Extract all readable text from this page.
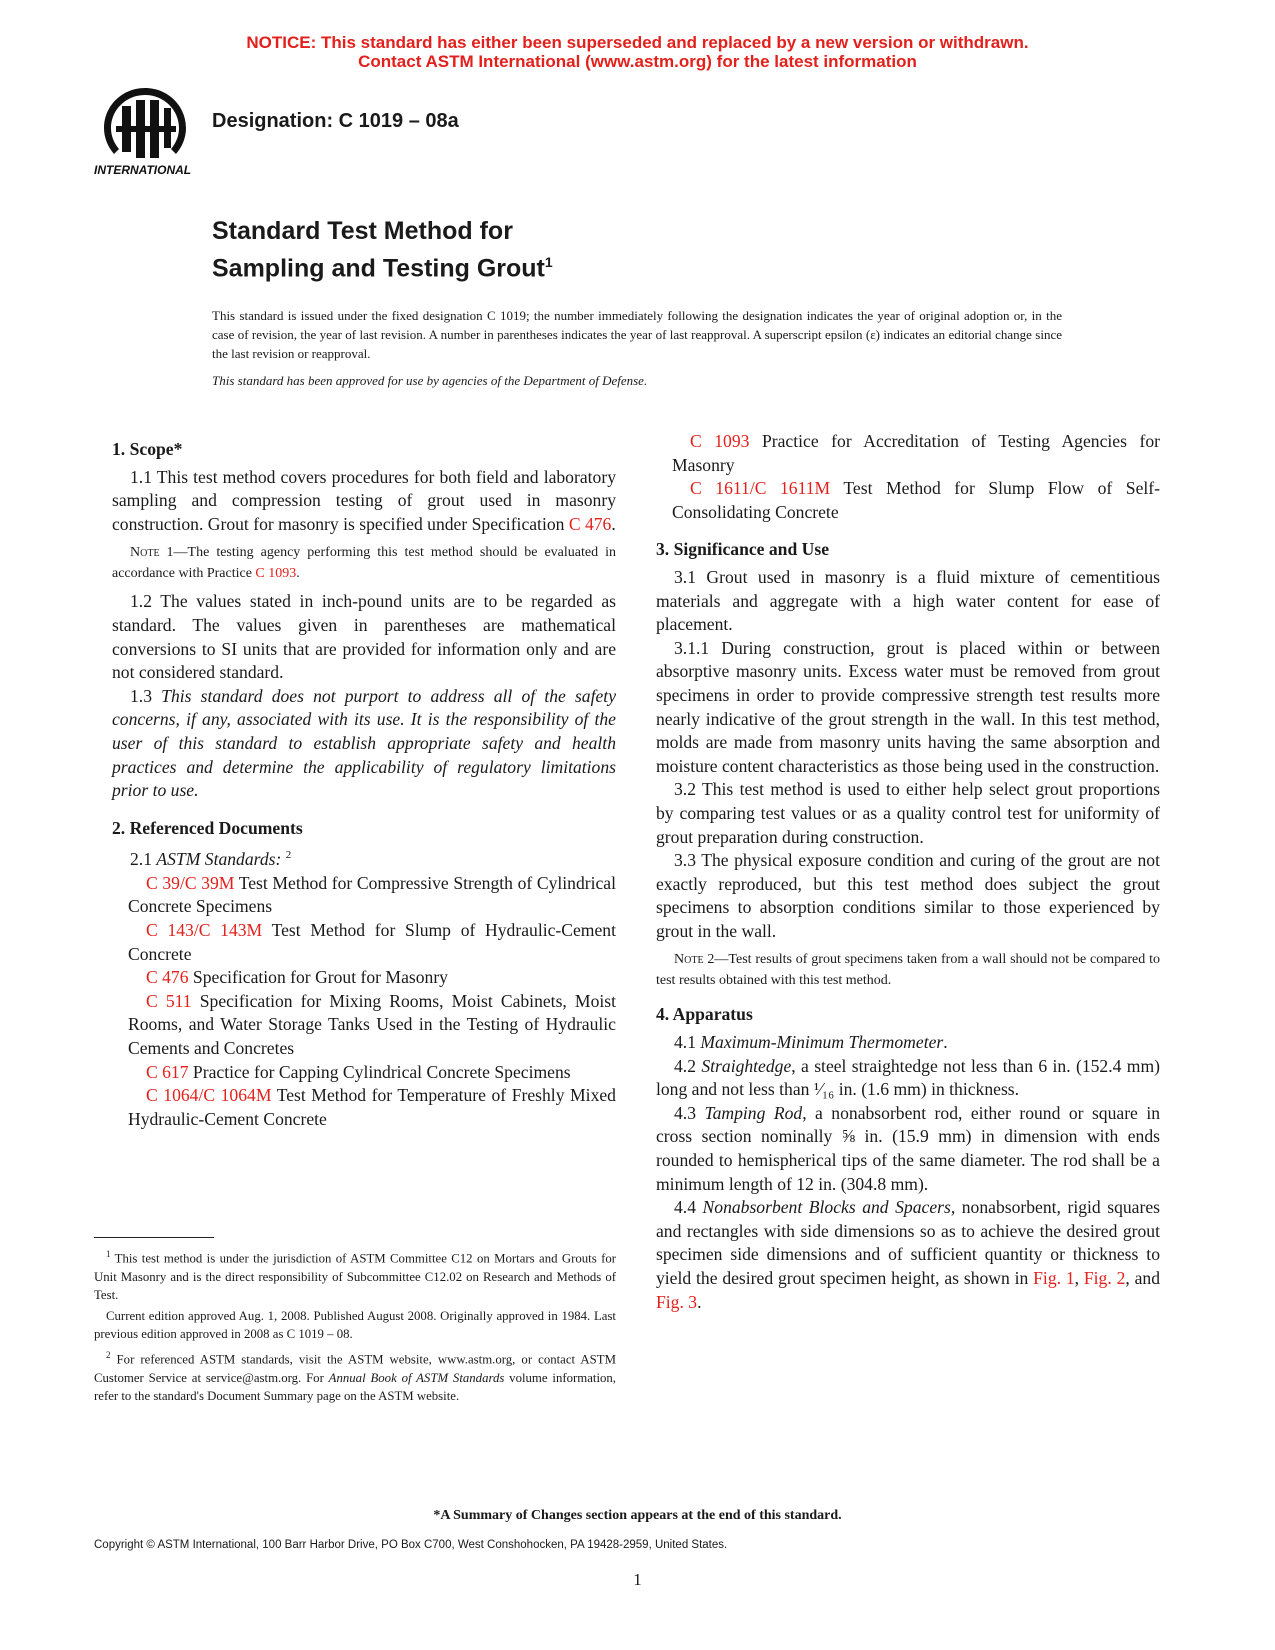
NOTICE: This standard has either been superseded and replaced by a new version or withdrawn.
Contact ASTM International (www.astm.org) for the latest information
INTERNATIONAL
Designation: C 1019 – 08a
Standard Test Method for
Sampling and Testing Grout$^1$
This standard is issued under the fixed designation C 1019; the number immediately following the designation indicates the year of original adoption or, in the case of revision, the year of last revision. A number in parentheses indicates the year of last reapproval. A superscript epsilon (ε) indicates an editorial change since the last revision or reapproval.
This standard has been approved for use by agencies of the Department of Defense.
1. Scope*

1.1 This test method covers procedures for both field and laboratory sampling and compression testing of grout used in masonry construction. Grout for masonry is specified under Specification C 476.

Note 1—The testing agency performing this test method should be evaluated in accordance with Practice C 1093.

1.2 The values stated in inch-pound units are to be regarded as standard. The values given in parentheses are mathematical conversions to SI units that are provided for information only and are not considered standard.

1.3 This standard does not purport to address all of the safety concerns, if any, associated with its use. It is the responsibility of the user of this standard to establish appropriate safety and health practices and determine the applicability of regulatory limitations prior to use.

2. Referenced Documents

2.1 ASTM Standards: $^2$

C 39/C 39M Test Method for Compressive Strength of Cylindrical Concrete Specimens

C 143/C 143M Test Method for Slump of Hydraulic-Cement Concrete

C 476 Specification for Grout for Masonry

C 511 Specification for Mixing Rooms, Moist Cabinets, Moist Rooms, and Water Storage Tanks Used in the Testing of Hydraulic Cements and Concretes

C 617 Practice for Capping Cylindrical Concrete Specimens

C 1064/C 1064M Test Method for Temperature of Freshly Mixed Hydraulic-Cement Concrete

C 1093 Practice for Accreditation of Testing Agencies for Masonry

C 1611/C 1611M Test Method for Slump Flow of Self-Consolidating Concrete

3. Significance and Use

3.1 Grout used in masonry is a fluid mixture of cementitious materials and aggregate with a high water content for ease of placement.

3.1.1 During construction, grout is placed within or between absorptive masonry units. Excess water must be removed from grout specimens in order to provide compressive strength test results more nearly indicative of the grout strength in the wall. In this test method, molds are made from masonry units having the same absorption and moisture content characteristics as those being used in the construction.

3.2 This test method is used to either help select grout proportions by comparing test values or as a quality control test for uniformity of grout preparation during construction.

3.3 The physical exposure condition and curing of the grout are not exactly reproduced, but this test method does subject the grout specimens to absorption conditions similar to those experienced by grout in the wall.

Note 2—Test results of grout specimens taken from a wall should not be compared to test results obtained with this test method.

4. Apparatus

4.1 Maximum-Minimum Thermometer.

4.2 Straightedge, a steel straightedge not less than 6 in. (152.4 mm) long and not less than ¹⁄₁₆ in. (1.6 mm) in thickness.

4.3 Tamping Rod, a nonabsorbent rod, either round or square in cross section nominally ⅝ in. (15.9 mm) in dimension with ends rounded to hemispherical tips of the same diameter. The rod shall be a minimum length of 12 in. (304.8 mm).

4.4 Nonabsorbent Blocks and Spacers, nonabsorbent, rigid squares and rectangles with side dimensions so as to achieve the desired grout specimen side dimensions and of sufficient quantity or thickness to yield the desired grout specimen height, as shown in Fig. 1, Fig. 2, and Fig. 3.

$^1$ This test method is under the jurisdiction of ASTM Committee C12 on Mortars and Grouts for Unit Masonry and is the direct responsibility of Subcommittee C12.02 on Research and Methods of Test.

Current edition approved Aug. 1, 2008. Published August 2008. Originally approved in 1984. Last previous edition approved in 2008 as C 1019 – 08.

$^2$ For referenced ASTM standards, visit the ASTM website, www.astm.org, or contact ASTM Customer Service at service@astm.org. For Annual Book of ASTM Standards volume information, refer to the standard's Document Summary page on the ASTM website.

*A Summary of Changes section appears at the end of this standard.
Copyright © ASTM International, 100 Barr Harbor Drive, PO Box C700, West Conshohocken, PA 19428-2959, United States.
1
